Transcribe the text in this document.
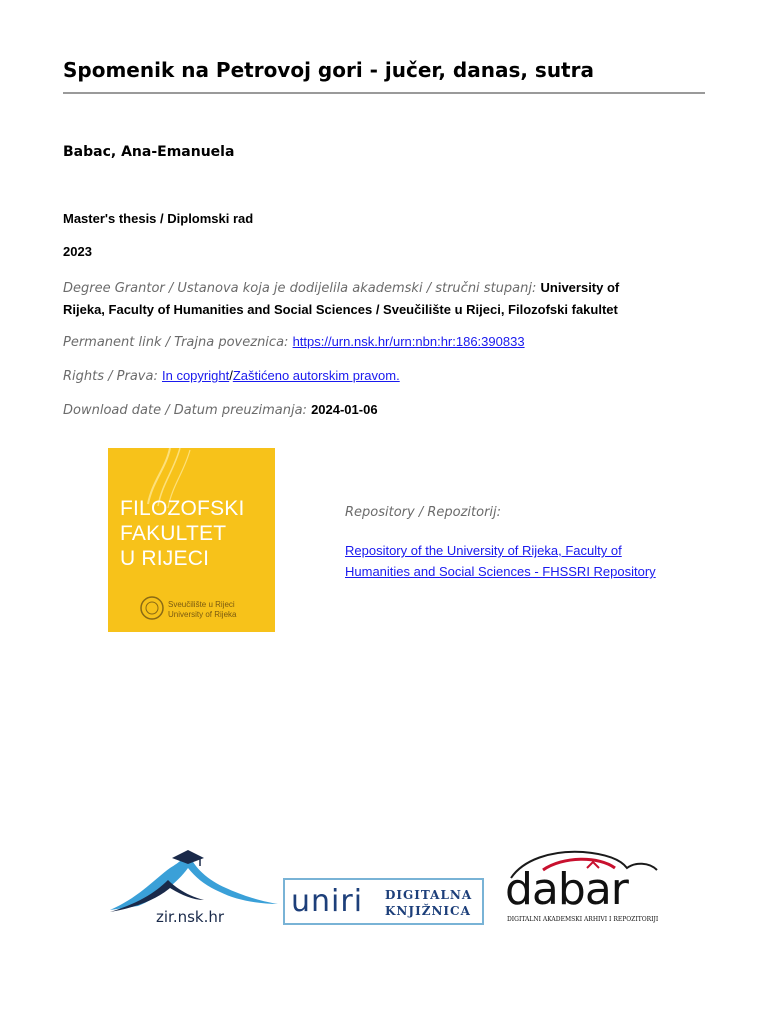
Spomenik na Petrovoj gori - jučer, danas, sutra
Babac, Ana-Emanuela
Master's thesis / Diplomski rad
2023
Degree Grantor / Ustanova koja je dodijelila akademski / stručni stupanj: University of
Rijeka, Faculty of Humanities and Social Sciences / Sveučilište u Rijeci, Filozofski fakultet
Permanent link / Trajna poveznica: https://urn.nsk.hr/urn:nbn:hr:186:390833
Rights / Prava: In copyright/Zaštićeno autorskim pravom.
Download date / Datum preuzimanja: 2024-01-06
FILOZOFSKI
FAKULTET
U RIJECI
Sveučilište u Rijeci
University of Rijeka
Repository / Repozitorij:
Repository of the University of Rijeka, Faculty of
Humanities and Social Sciences - FHSSRI Repository
zir.nsk.hr uniri DIGITALNA
KNJIŽNICA dabar
DIGITALNI AKADEMSKI ARHIVI I REPOZITORIJI
